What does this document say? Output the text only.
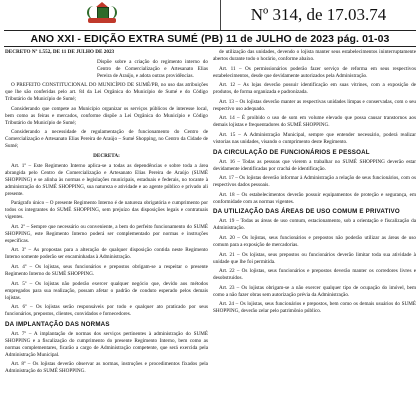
Nº 314, de 17.03.74
ANO XXI - EDIÇÃO EXTRA SUMÉ (PB) 11 de JULHO de 2023 pág. 01-03

DECRETO Nº 1.552, DE 11 DE JULHO DE 2023

Dispõe sobre a criação do regimento interno do Centro de Comercialização e Artesanato Elias Pereira de Araújo, e adota outras providências.

O PREFEITO CONSTITUCIONAL DO MUNICÍPIO DE SUMÉ/PB, no uso das atribuições que lhe são conferidas pelo art. 84 da Lei Orgânica do Município de Sumé e do Código Tributário do Município de Sumé;

Considerando que compete ao Município organizar os serviços públicos de interesse local, bem como as feiras e mercados, conforme dispõe a Lei Orgânica do Município e Código Tributário do Município de Sumé;

Considerando a necessidade de regulamentação de funcionamento do Centro de Comercialização e Artesanato Elias Pereira de Araújo – Sumé Shopping, no Centro da Cidade de Sumé;

DECRETA:

Art. 1º – Este Regimento Interno aplica-se a todas as dependências e sobre toda a área abrangida pelo Centro de Comercialização e Artesanato Elias Pereira de Araújo (SUMÉ SHOPPING) e se alinha às normas e legislações municipais, estaduais e federais, no tocante à administração do SUMÉ SHOPPING, sua natureza e atividade e ao agente público e privado ali presente.

Parágrafo único – O presente Regimento Interno é de natureza obrigatória e cumprimento por todos os integrantes do SUMÉ SHOPPING, sem prejuízo das disposições legais e contratuais vigentes.

Art. 2º – Sempre que necessário ou conveniente, a bem do perfeito funcionamento do SUMÉ SHOPPING, este Regimento Interno poderá ser complementado por normas e instruções específicas.

Art. 3º – As propostas para a alteração de qualquer disposição contida neste Regimento Interno somente poderão ser encaminhadas à Administração.

Art. 4º – Os lojistas, seus funcionários e prepostos obrigam-se a respeitar o presente Regimento Interno do SUMÉ SHOPPING.

Art. 5º – Os lojistas não poderão exercer qualquer negócio que, devido aos métodos empregados para sua realização, possam afetar o padrão de conduto esperado pelos demais lojistas.

Art. 6º – Os lojistas serão responsáveis por todo e qualquer ato praticado por seus funcionários, prepostos, clientes, convidados e fornecedores.

DA IMPLANTAÇÃO DAS NORMAS

Art. 7º – A implantação de normas dos serviços pertinentes à administração do SUMÉ SHOPPING e a fiscalização do cumprimento do presente Regimento Interno, bem como as normas complementares, ficarão a cargo de Administração competente, que será exercida pela Administração Municipal.

Art. 8º – Os lojistas deverão observar as normas, instruções e procedimentos fixados pela Administração do SUMÉ SHOPPING.

de utilização das unidades, devendo o lojista manter seus estabelecimentos ininterruptamente abertos durante todo o horário, conforme abaixo.

Art. 11 – Os permissionários poderão fazer serviço de reforma em seus respectivos estabelecimentos, desde que devidamente autorizados pela Administração.

Art. 12 – As lojas deverão possuir identificação em suas vitrines, com a exposição de produtos, de forma organizada e padronizada.

Art. 13 – Os lojistas deverão manter as respectivas unidades limpas e conservadas, com o seu respectivo uso adequado.

Art. 14 – É proibido o uso de som em volume elevado que possa causar transtornos aos demais lojistas e frequentadores do SUMÉ SHOPPING.

Art. 15 – A Administração Municipal, sempre que entender necessário, poderá realizar vistorias nas unidades, visando o cumprimento deste Regimento.

DA CIRCULAÇÃO DE FUNCIONÁRIOS E PESSOAL

Art. 16 – Todas as pessoas que vierem a trabalhar no SUMÉ SHOPPING deverão estar devidamente identificadas por crachá de identificação.

Art. 17 – Os lojistas deverão informar à Administração a relação de seus funcionários, com os respectivos dados pessoais.

Art. 18 – Os estabelecimentos deverão possuir equipamentos de proteção e segurança, em conformidade com as normas vigentes.

DA UTILIZAÇÃO DAS ÁREAS DE USO COMUM E PRIVATIVO

Art. 19 – Todas as áreas de uso comum, estacionamento, sob a orientação e fiscalização da Administração.

Art. 20 – Os lojistas, seus funcionários e prepostos não poderão utilizar as áreas de uso comum para a exposição de mercadorias.

Art. 21 – Os lojistas, seus prepostos ou funcionários deverão limitar toda sua atividade à unidade que lhe foi permitida.

Art. 22 – Os lojistas, seus funcionários e prepostos deverão manter os corredores livres e desobstruídos.

Art. 23 – Os lojistas obrigam-se a não exercer qualquer tipo de ocupação do imóvel, bem como a não fazer obras sem autorização prévia da Administração.

Art. 24 – Os lojistas, seus funcionários e prepostos, bem como os demais usuários do SUMÉ SHOPPING, deverão zelar pelo patrimônio público.
